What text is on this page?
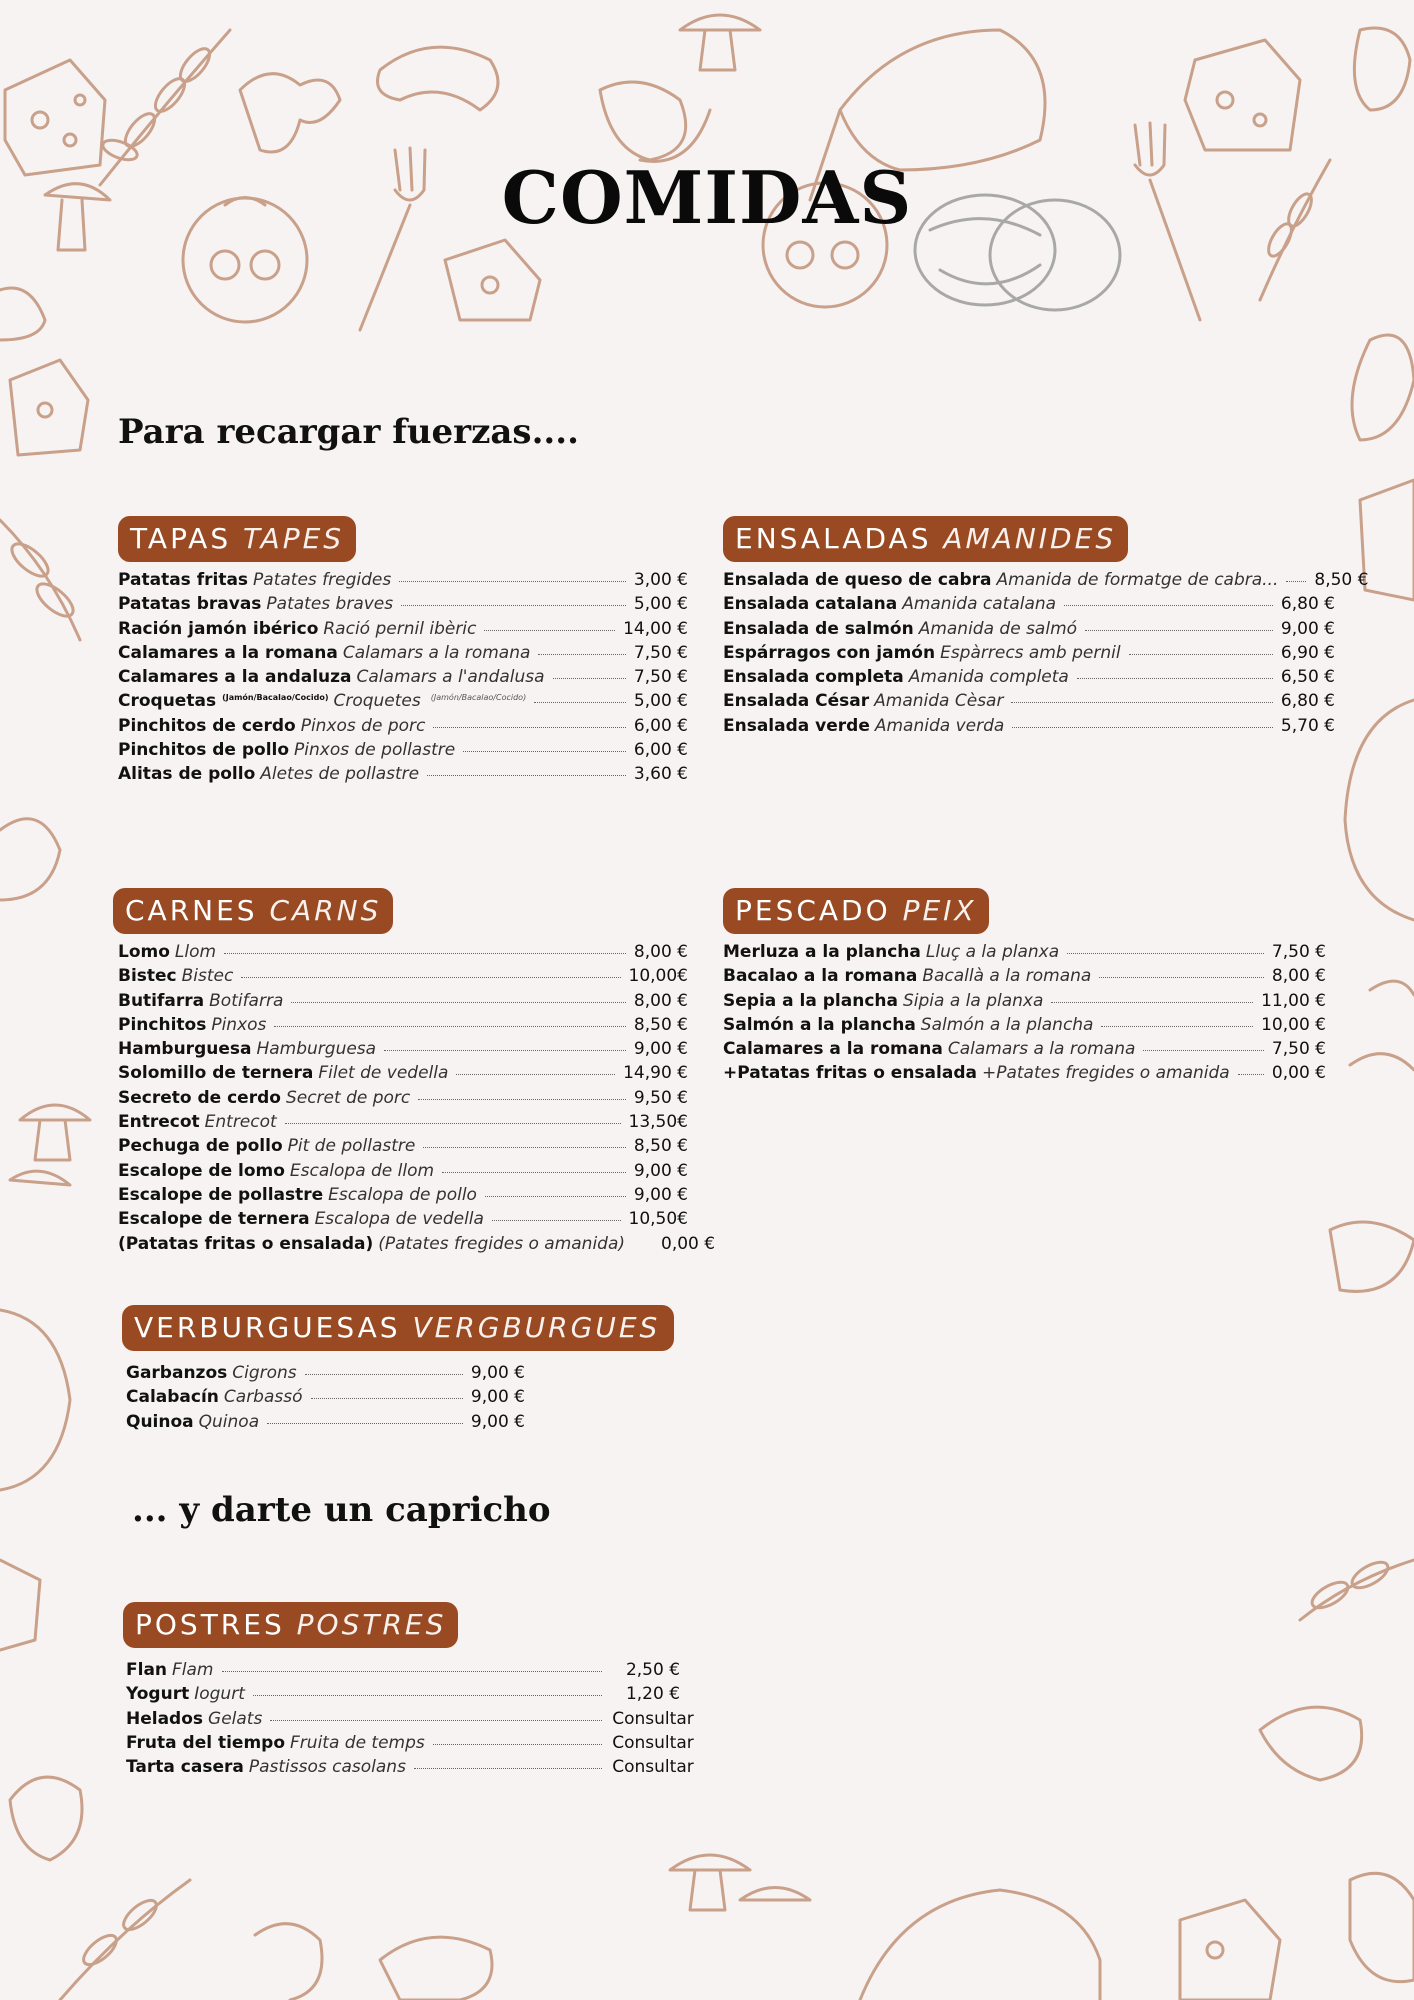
COMIDAS
Para recargar fuerzas....
TAPAS TAPES
Patatas fritas Patates fregides	3,00 €
Patatas bravas Patates braves	5,00 €
Ración jamón ibérico Ració pernil ibèric	14,00 €
Calamares a la romana Calamars a la romana	7,50 €
Calamares a la andaluza Calamars a l'andalusa	7,50 €
Croquetas (Jamón/Bacalao/Cocido) Croquetes (Jamón/Bacalao/Cocido)	5,00 €
Pinchitos de cerdo Pinxos de porc	6,00 €
Pinchitos de pollo Pinxos de pollastre	6,00 €
Alitas de pollo Aletes de pollastre	3,60 €
ENSALADAS AMANIDES
Ensalada de queso de cabra Amanida de formatge de cabra... 8,50 €
Ensalada catalana Amanida catalana	6,80 €
Ensalada de salmón Amanida de salmó	9,00 €
Espárragos con jamón Espàrrecs amb pernil	6,90 €
Ensalada completa Amanida completa	6,50 €
Ensalada César Amanida Cèsar	6,80 €
Ensalada verde Amanida verda	5,70 €
CARNES CARNS
Lomo Llom	8,00 €
Bistec Bistec	10,00€
Butifarra Botifarra	8,00 €
Pinchitos Pinxos	8,50 €
Hamburguesa Hamburguesa	9,00 €
Solomillo de ternera Filet de vedella	14,90 €
Secreto de cerdo Secret de porc	9,50 €
Entrecot Entrecot	13,50€
Pechuga de pollo Pit de pollastre	8,50 €
Escalope de lomo Escalopa de llom	9,00 €
Escalope de pollastre Escalopa de pollo	9,00 €
Escalope de ternera Escalopa de vedella	10,50€
(Patatas fritas o ensalada) (Patates fregides o amanida) 0,00 €
PESCADO PEIX
Merluza a la plancha Lluç a la planxa	7,50 €
Bacalao a la romana Bacallà a la romana	8,00 €
Sepia a la plancha Sipia a la planxa	11,00 €
Salmón a la plancha Salmón a la plancha	10,00 €
Calamares a la romana Calamars a la romana	7,50 €
+Patatas fritas o ensalada +Patates fregides o amanida 0,00 €
VERBURGUESAS VERGBURGUES
Garbanzos Cigrons	9,00 €
Calabacín Carbassó	9,00 €
Quinoa Quinoa	9,00 €
... y darte un capricho
POSTRES POSTRES
Flan Flam	2,50 €
Yogurt Iogurt	1,20 €
Helados Gelats	Consultar
Fruta del tiempo Fruita de temps	Consultar
Tarta casera Pastissos casolans	Consultar
